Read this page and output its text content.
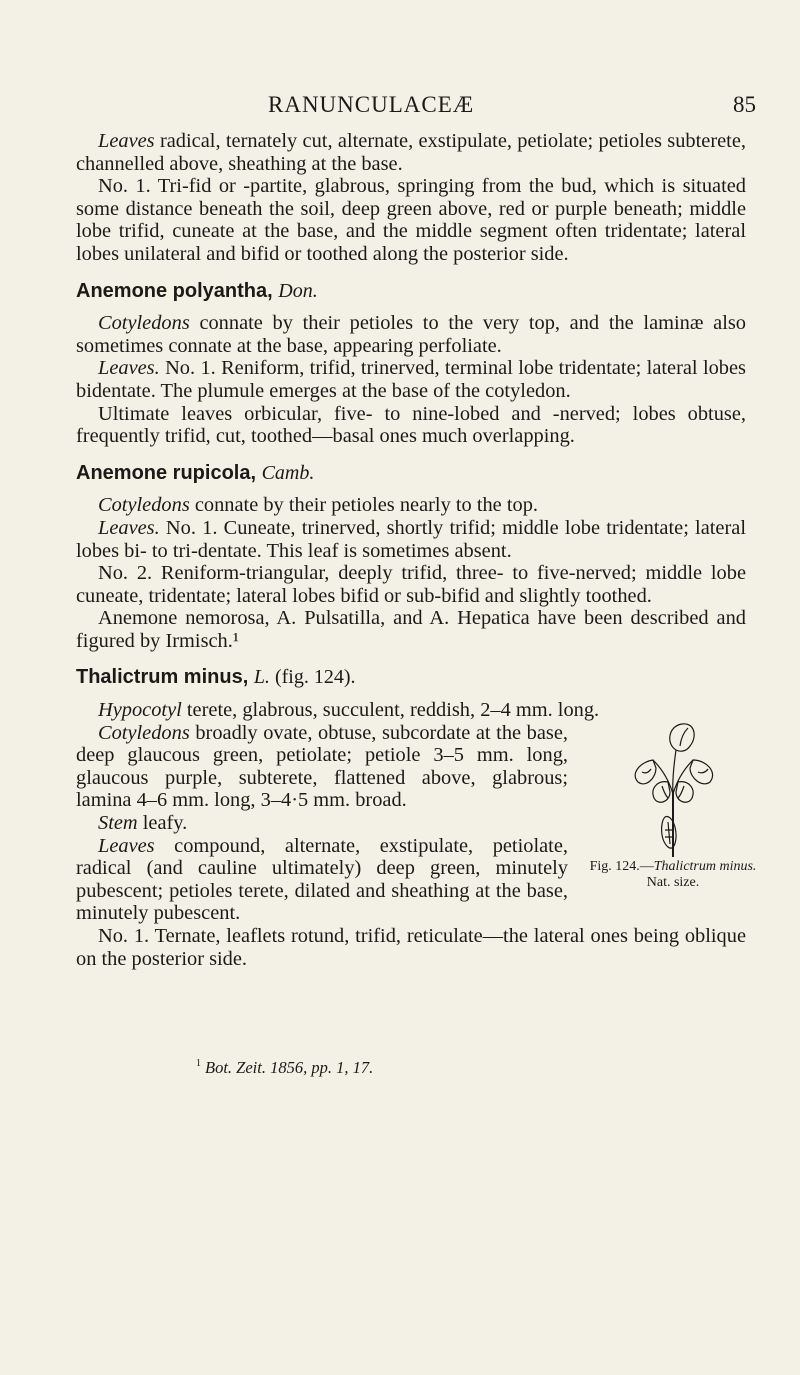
RANUNCULACEÆ	85

Leaves radical, ternately cut, alternate, exstipulate, petiolate; petioles subterete, channelled above, sheathing at the base.

No. 1. Tri-fid or -partite, glabrous, springing from the bud, which is situated some distance beneath the soil, deep green above, red or purple beneath; middle lobe trifid, cuneate at the base, and the middle segment often tridentate; lateral lobes unilateral and bifid or toothed along the posterior side.

Anemone polyantha, Don.

Cotyledons connate by their petioles to the very top, and the laminæ also sometimes connate at the base, appearing perfoliate.

Leaves. No. 1. Reniform, trifid, trinerved, terminal lobe tridentate; lateral lobes bidentate. The plumule emerges at the base of the cotyledon.

Ultimate leaves orbicular, five- to nine-lobed and -nerved; lobes obtuse, frequently trifid, cut, toothed—basal ones much overlapping.

Anemone rupicola, Camb.

Cotyledons connate by their petioles nearly to the top.

Leaves. No. 1. Cuneate, trinerved, shortly trifid; middle lobe tridentate; lateral lobes bi- to tri-dentate. This leaf is sometimes absent.

No. 2. Reniform-triangular, deeply trifid, three- to five-nerved; middle lobe cuneate, tridentate; lateral lobes bifid or sub-bifid and slightly toothed.

Anemone nemorosa, A. Pulsatilla, and A. Hepatica have been described and figured by Irmisch.¹

Thalictrum minus, L. (fig. 124).

Hypocotyl terete, glabrous, succulent, reddish, 2–4 mm. long.

Fig. 124.—Thalictrum minus. Nat. size.

Cotyledons broadly ovate, obtuse, subcordate at the base, deep glaucous green, petiolate; petiole 3–5 mm. long, glaucous purple, subterete, flattened above, glabrous; lamina 4–6 mm. long, 3–4·5 mm. broad.

Stem leafy.

Leaves compound, alternate, exstipulate, petiolate, radical (and cauline ultimately) deep green, minutely pubescent; petioles terete, dilated and sheathing at the base, minutely pubescent.

No. 1. Ternate, leaflets rotund, trifid, reticulate—the lateral ones being oblique on the posterior side.

$^1$ Bot. Zeit. 1856, pp. 1, 17.
